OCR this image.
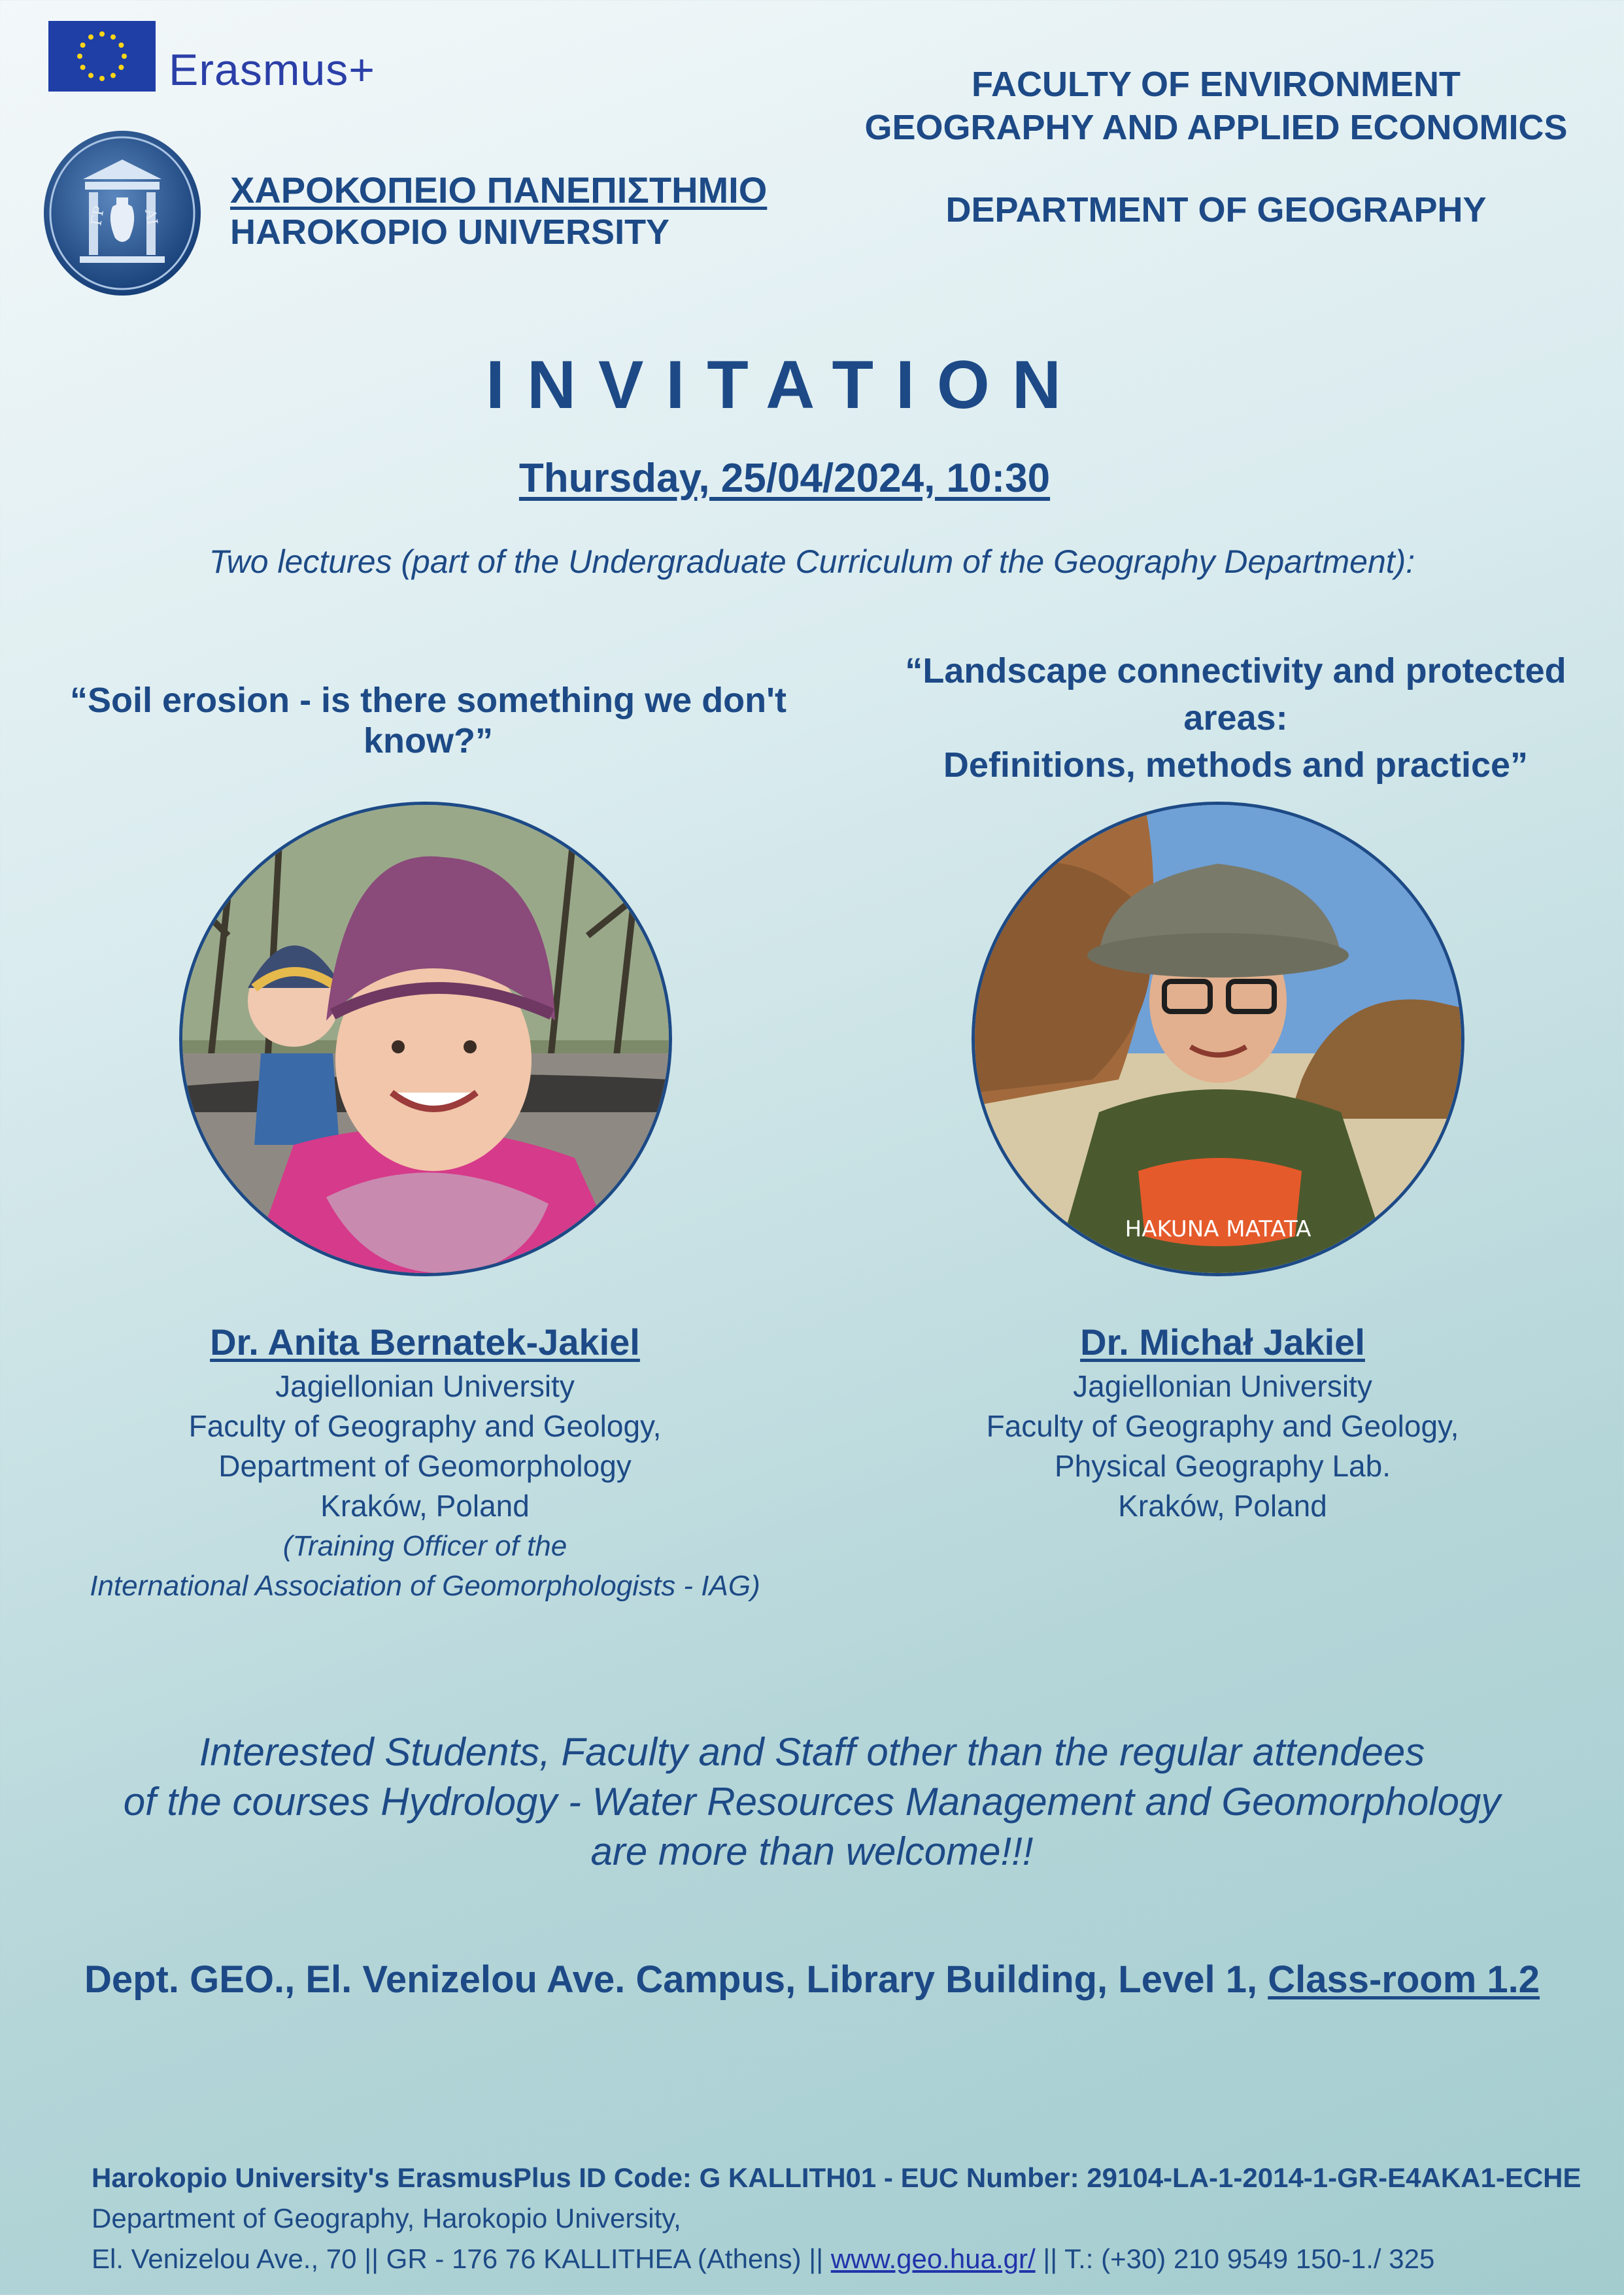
Erasmus+
ΓΡ ΑΙ
ΧΑΡΟΚΟΠΕΙΟ ΠΑΝΕΠΙΣΤΗΜΙΟ
HAROKOPIO UNIVERSITY
FACULTY OF ENVIRONMENT
GEOGRAPHY AND APPLIED ECONOMICS
DEPARTMENT OF GEOGRAPHY
INVITATION
Thursday, 25/04/2024, 10:30
Two lectures (part of the Undergraduate Curriculum of the Geography Department):
“Soil erosion - is there something we don't know?”
“Landscape connectivity and protected areas:
Definitions, methods and practice”
HAKUNA MATATA
Dr. Anita Bernatek-Jakiel
Jagiellonian University
Faculty of Geography and Geology,
Department of Geomorphology
Kraków, Poland
(Training Officer of the
International Association of Geomorphologists - IAG)
Dr. Michał Jakiel
Jagiellonian University
Faculty of Geography and Geology,
Physical Geography Lab.
Kraków, Poland
Interested Students, Faculty and Staff other than the regular attendees
of the courses Hydrology - Water Resources Management and Geomorphology
are more than welcome!!!
Dept. GEO., El. Venizelou Ave. Campus, Library Building, Level 1, Class-room 1.2
Harokopio University's ErasmusPlus ID Code: G KALLITH01 - EUC Number: 29104-LA-1-2014-1-GR-E4AKA1-ECHE
Department of Geography, Harokopio University,
El. Venizelou Ave., 70 || GR - 176 76 KALLITHEA (Athens) || www.geo.hua.gr/ || T.: (+30) 210 9549 150-1./ 325
